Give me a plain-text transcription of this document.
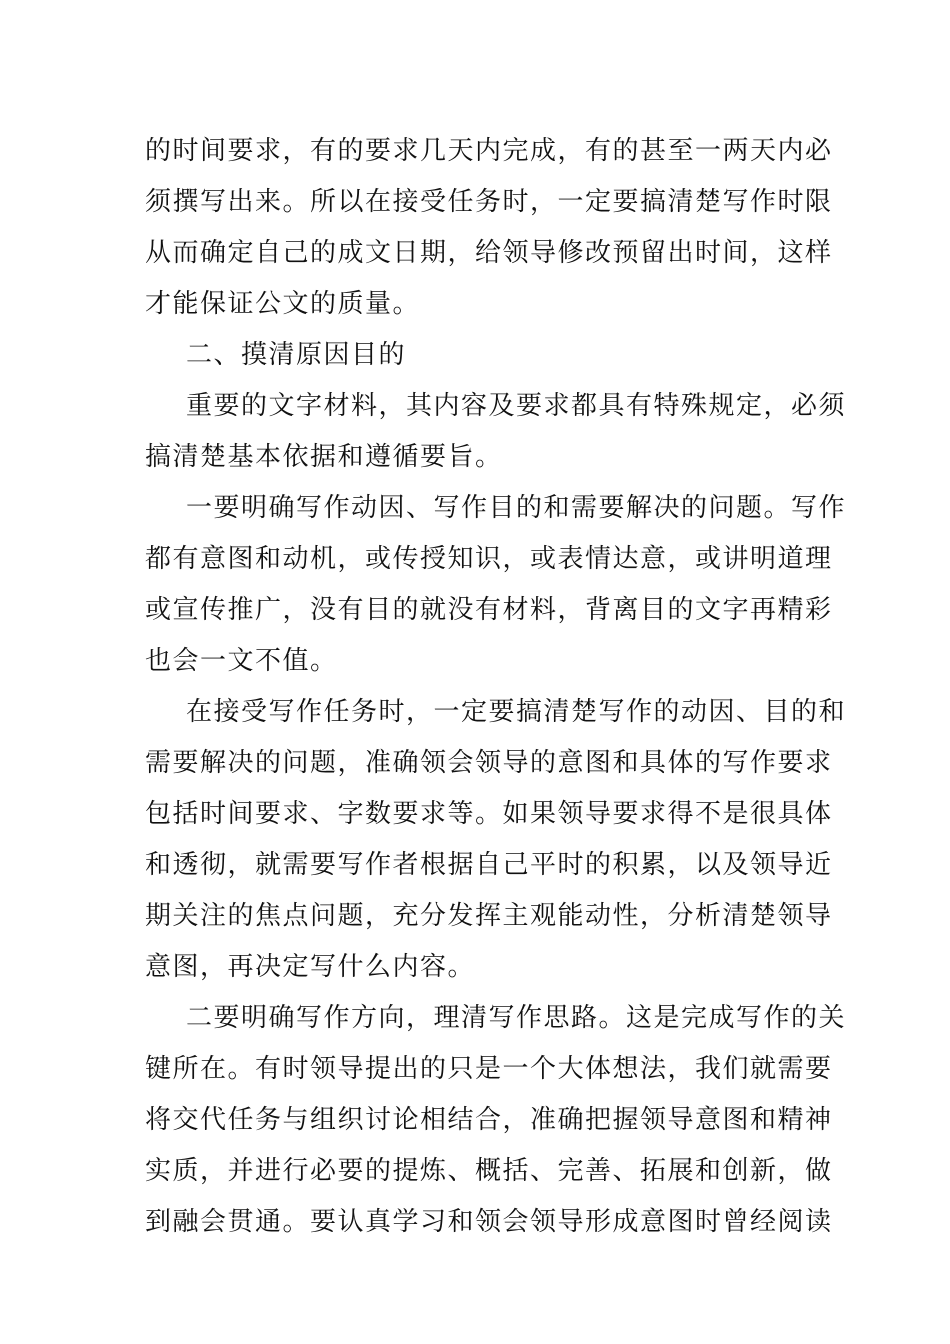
的时间要求，有的要求几天内完成，有的甚至一两天内必
须撰写出来。所以在接受任务时，一定要搞清楚写作时限
从而确定自己的成文日期，给领导修改预留出时间，这样
才能保证公文的质量。
二、摸清原因目的
重要的文字材料，其内容及要求都具有特殊规定，必须
搞清楚基本依据和遵循要旨。
一要明确写作动因、写作目的和需要解决的问题。写作
都有意图和动机，或传授知识，或表情达意，或讲明道理
或宣传推广，没有目的就没有材料，背离目的文字再精彩
也会一文不值。
在接受写作任务时，一定要搞清楚写作的动因、目的和
需要解决的问题，准确领会领导的意图和具体的写作要求
包括时间要求、字数要求等。如果领导要求得不是很具体
和透彻，就需要写作者根据自己平时的积累，以及领导近
期关注的焦点问题，充分发挥主观能动性，分析清楚领导
意图，再决定写什么内容。
二要明确写作方向，理清写作思路。这是完成写作的关
键所在。有时领导提出的只是一个大体想法，我们就需要
将交代任务与组织讨论相结合，准确把握领导意图和精神
实质，并进行必要的提炼、概括、完善、拓展和创新，做
到融会贯通。要认真学习和领会领导形成意图时曾经阅读
